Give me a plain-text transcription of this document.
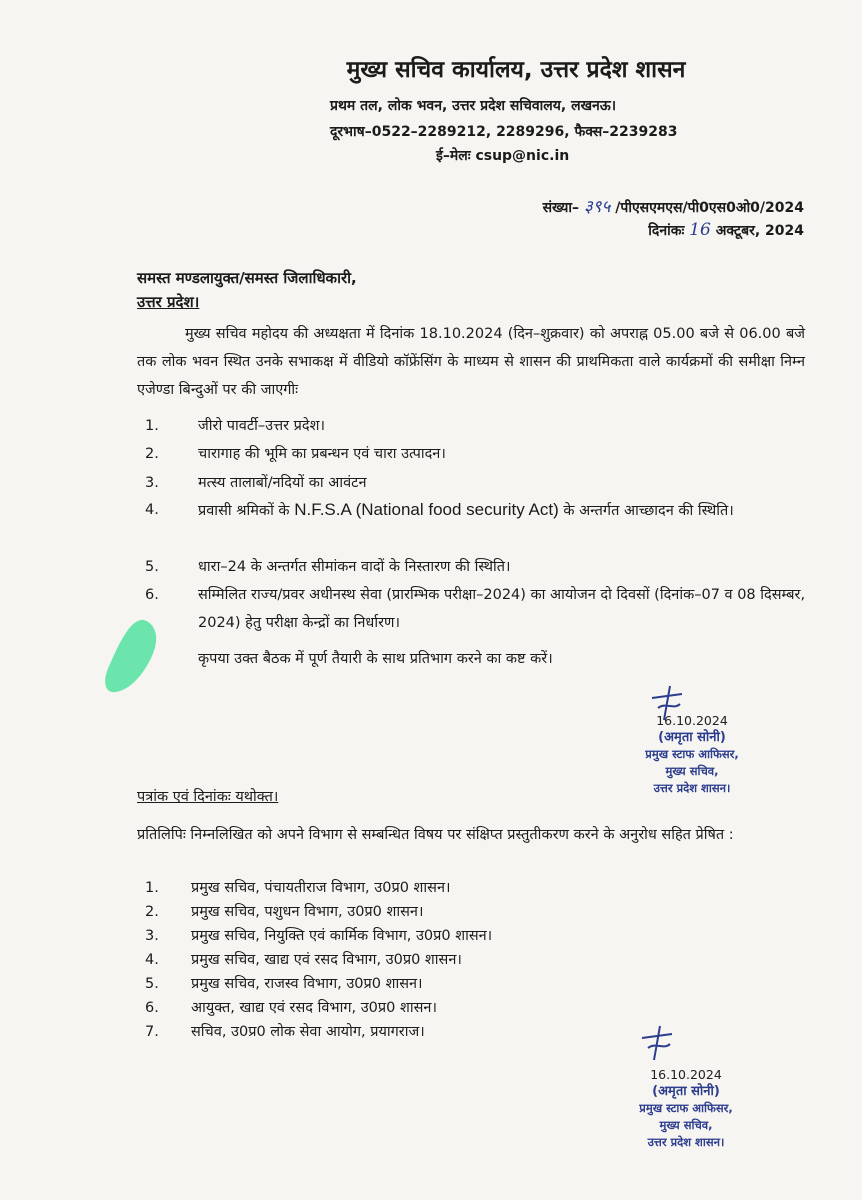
मुख्य सचिव कार्यालय, उत्तर प्रदेश शासन
प्रथम तल, लोक भवन, उत्तर प्रदेश सचिवालय, लखनऊ।
दूरभाष–0522–2289212, 2289296, फैक्स–2239283
ई–मेलः csup@nic.in
संख्या– ३९५ /पीएसएमएस/पी0एस0ओ0/2024
दिनांकः 16 अक्टूबर, 2024
समस्त मण्डलायुक्त/समस्त जिलाधिकारी,
उत्तर प्रदेश।
मुख्य सचिव महोदय की अध्यक्षता में दिनांक 18.10.2024 (दिन–शुक्रवार) को अपराह्न 05.00 बजे से 06.00 बजे तक लोक भवन स्थित उनके सभाकक्ष में वीडियो कॉफ्रेंसिंग के माध्यम से शासन की प्राथमिकता वाले कार्यक्रमों की समीक्षा निम्न एजेण्डा बिन्दुओं पर की जाएगीः
1.	जीरो पावर्टी–उत्तर प्रदेश।
2.	चारागाह की भूमि का प्रबन्धन एवं चारा उत्पादन।
3.	मत्स्य तालाबों/नदियों का आवंटन
4.	प्रवासी श्रमिकों के N.F.S.A (National food security Act) के अन्तर्गत आच्छादन की स्थिति।
5.	धारा–24 के अन्तर्गत सीमांकन वादों के निस्तारण की स्थिति।
6.	सम्मिलित राज्य/प्रवर अधीनस्थ सेवा (प्रारम्भिक परीक्षा–2024) का आयोजन दो दिवसों (दिनांक–07 व 08 दिसम्बर, 2024) हेतु परीक्षा केन्द्रों का निर्धारण।
कृपया उक्त बैठक में पूर्ण तैयारी के साथ प्रतिभाग करने का कष्ट करें।
16.10.2024
(अमृता सोनी)
प्रमुख स्टाफ आफिसर,
मुख्य सचिव,
उत्तर प्रदेश शासन।
पत्रांक एवं दिनांकः यथोक्त।
प्रतिलिपिः निम्नलिखित को अपने विभाग से सम्बन्धित विषय पर संक्षिप्त प्रस्तुतीकरण करने के अनुरोध सहित प्रेषित :
1.	प्रमुख सचिव, पंचायतीराज विभाग, उ0प्र0 शासन।
2.	प्रमुख सचिव, पशुधन विभाग, उ0प्र0 शासन।
3.	प्रमुख सचिव, नियुक्ति एवं कार्मिक विभाग, उ0प्र0 शासन।
4.	प्रमुख सचिव, खाद्य एवं रसद विभाग, उ0प्र0 शासन।
5.	प्रमुख सचिव, राजस्व विभाग, उ0प्र0 शासन।
6.	आयुक्त, खाद्य एवं रसद विभाग, उ0प्र0 शासन।
7.	सचिव, उ0प्र0 लोक सेवा आयोग, प्रयागराज।
16.10.2024
(अमृता सोनी)
प्रमुख स्टाफ आफिसर,
मुख्य सचिव,
उत्तर प्रदेश शासन।
